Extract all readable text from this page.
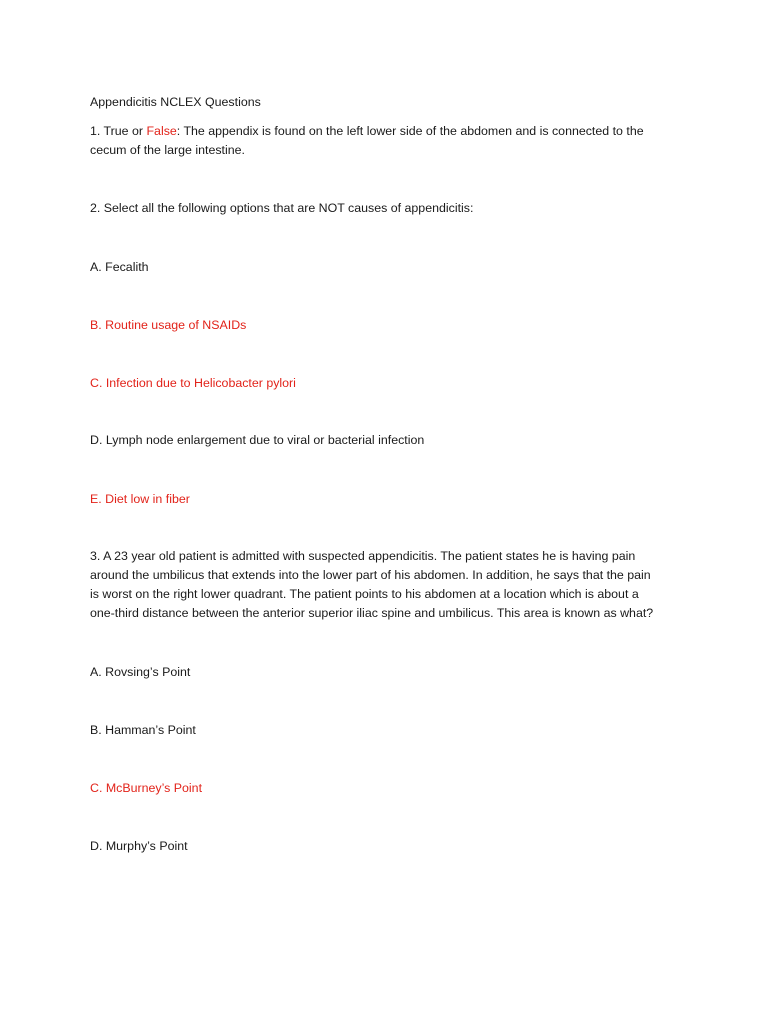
Appendicitis NCLEX Questions
1. True or False: The appendix is found on the left lower side of the abdomen and is connected to the
cecum of the large intestine.
2. Select all the following options that are NOT causes of appendicitis:
A. Fecalith
B. Routine usage of NSAIDs
C. Infection due to Helicobacter pylori
D. Lymph node enlargement due to viral or bacterial infection
E. Diet low in fiber
3. A 23 year old patient is admitted with suspected appendicitis. The patient states he is having pain
around the umbilicus that extends into the lower part of his abdomen. In addition, he says that the pain
is worst on the right lower quadrant. The patient points to his abdomen at a location which is about a
one-third distance between the anterior superior iliac spine and umbilicus. This area is known as what?
A. Rovsing’s Point
B. Hamman’s Point
C. McBurney’s Point
D. Murphy’s Point
